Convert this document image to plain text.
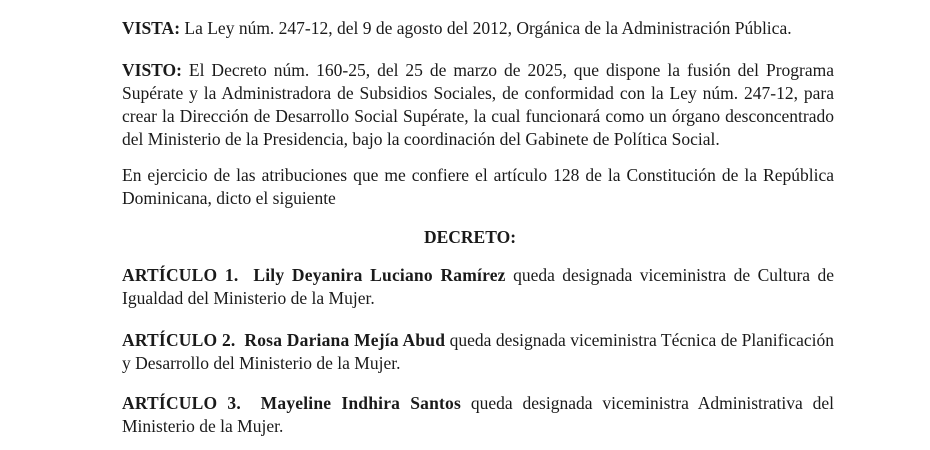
VISTA: La Ley núm. 247-12, del 9 de agosto del 2012, Orgánica de la Administración Pública.

VISTO: El Decreto núm. 160-25, del 25 de marzo de 2025, que dispone la fusión del Programa Supérate y la Administradora de Subsidios Sociales, de conformidad con la Ley núm. 247-12, para crear la Dirección de Desarrollo Social Supérate, la cual funcionará como un órgano desconcentrado del Ministerio de la Presidencia, bajo la coordinación del Gabinete de Política Social.

En ejercicio de las atribuciones que me confiere el artículo 128 de la Constitución de la República Dominicana, dicto el siguiente

DECRETO:

ARTÍCULO 1. Lily Deyanira Luciano Ramírez queda designada viceministra de Cultura de Igualdad del Ministerio de la Mujer.

ARTÍCULO 2. Rosa Dariana Mejía Abud queda designada viceministra Técnica de Planificación y Desarrollo del Ministerio de la Mujer.

ARTÍCULO 3. Mayeline Indhira Santos queda designada viceministra Administrativa del Ministerio de la Mujer.
